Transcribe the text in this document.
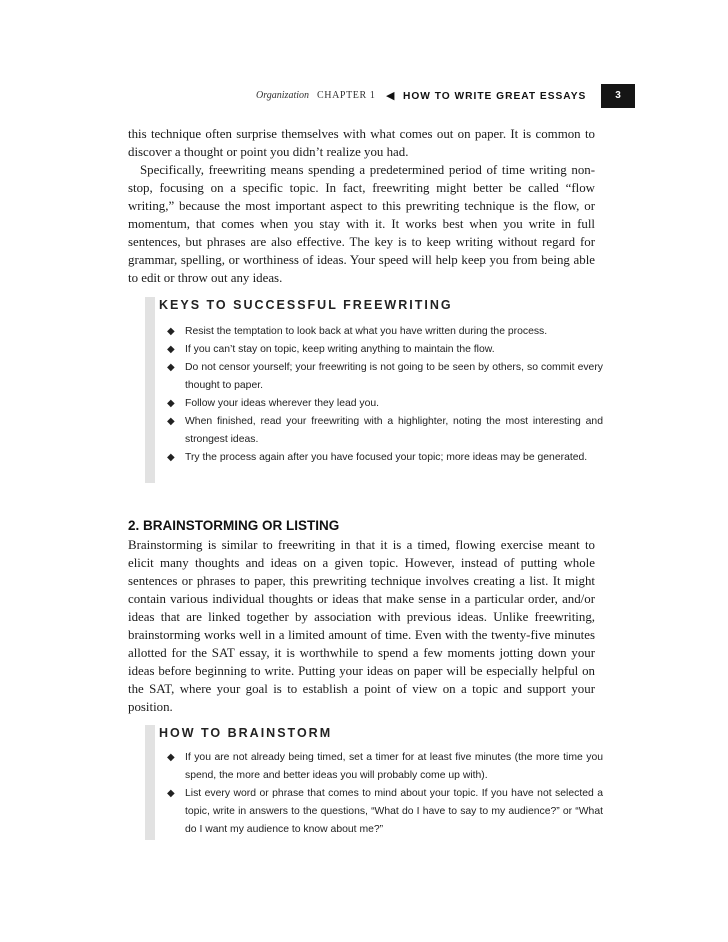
Organization CHAPTER 1 ◀ HOW TO WRITE GREAT ESSAYS	3

this technique often surprise themselves with what comes out on paper. It is common to discover a thought or point you didn’t realize you had.

Specifically, freewriting means spending a predetermined period of time writing non-stop, focusing on a specific topic. In fact, freewriting might better be called “flow writing,” because the most important aspect to this prewriting technique is the flow, or momentum, that comes when you stay with it. It works best when you write in full sentences, but phrases are also effective. The key is to keep writing without regard for grammar, spelling, or worthiness of ideas. Your speed will help keep you from being able to edit or throw out any ideas.

KEYS TO SUCCESSFUL FREEWRITING
◆ Resist the temptation to look back at what you have written during the process.
◆ If you can’t stay on topic, keep writing anything to maintain the flow.
◆ Do not censor yourself; your freewriting is not going to be seen by others, so commit every thought to paper.
◆ Follow your ideas wherever they lead you.
◆ When finished, read your freewriting with a highlighter, noting the most interesting and strongest ideas.
◆ Try the process again after you have focused your topic; more ideas may be generated.
2. BRAINSTORMING OR LISTING

Brainstorming is similar to freewriting in that it is a timed, flowing exercise meant to elicit many thoughts and ideas on a given topic. However, instead of putting whole sentences or phrases to paper, this prewriting technique involves creating a list. It might contain various individual thoughts or ideas that make sense in a particular order, and/or ideas that are linked together by association with previous ideas. Unlike freewriting, brainstorming works well in a limited amount of time. Even with the twenty-five minutes allotted for the SAT essay, it is worthwhile to spend a few moments jotting down your ideas before beginning to write. Putting your ideas on paper will be especially helpful on the SAT, where your goal is to establish a point of view on a topic and support your position.

HOW TO BRAINSTORM
◆ If you are not already being timed, set a timer for at least five minutes (the more time you spend, the more and better ideas you will probably come up with).
◆ List every word or phrase that comes to mind about your topic. If you have not selected a topic, write in answers to the questions, “What do I have to say to my audience?” or “What do I want my audience to know about me?”
